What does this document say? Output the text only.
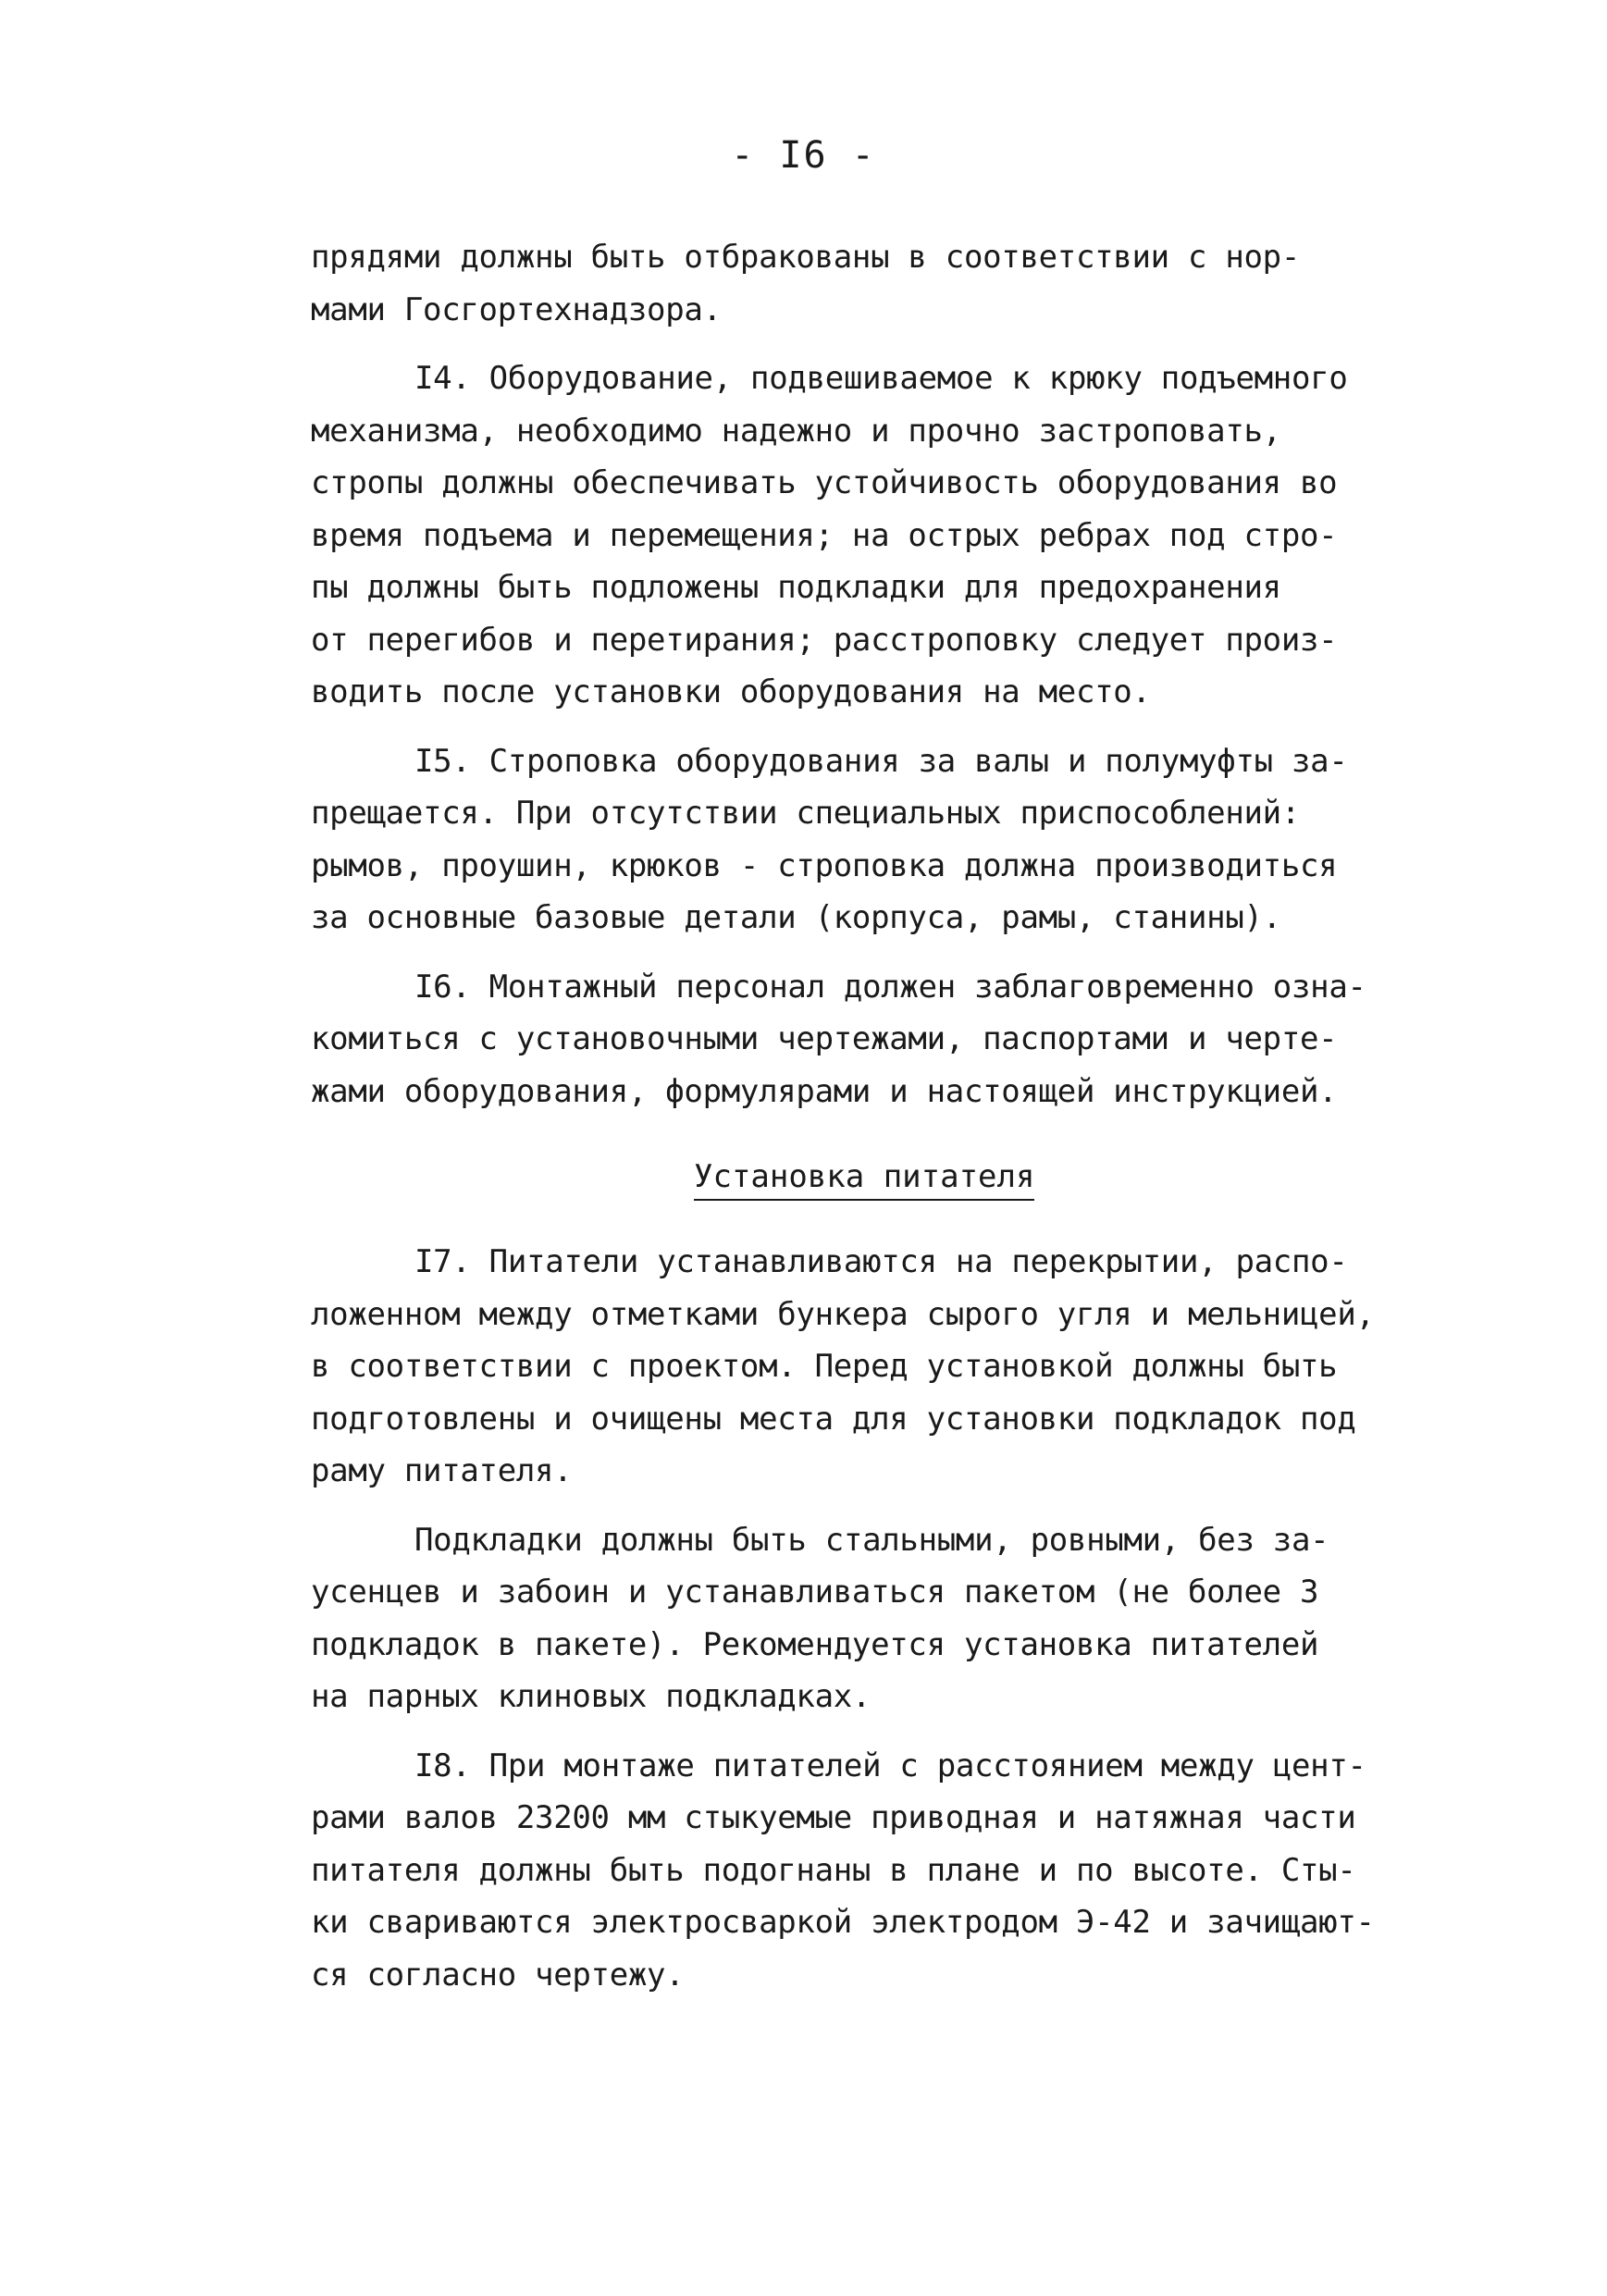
- I6 -
прядями должны быть отбракованы в соответствии с нор-
мами Госгортехнадзора.
I4. Оборудование, подвешиваемое к крюку подъемного
механизма, необходимо надежно и прочно застроповать,
стропы должны обеспечивать устойчивость оборудования во
время подъема и перемещения; на острых ребрах под стро-
пы должны быть подложены подкладки для предохранения
от перегибов и перетирания; расстроповку следует произ-
водить после установки оборудования на место.
I5. Строповка оборудования за валы и полумуфты за-
прещается. При отсутствии специальных приспособлений:
рымов, проушин, крюков - строповка должна производиться
за основные базовые детали (корпуса, рамы, станины).
I6. Монтажный персонал должен заблаговременно озна-
комиться с установочными чертежами, паспортами и черте-
жами оборудования, формулярами и настоящей инструкцией.
Установка питателя
I7. Питатели устанавливаются на перекрытии, распо-
ложенном между отметками бункера сырого угля и мельницей,
в соответствии с проектом. Перед установкой должны быть
подготовлены и очищены места для установки подкладок под
раму питателя.
Подкладки должны быть стальными, ровными, без за-
усенцев и забоин и устанавливаться пакетом (не более 3
подкладок в пакете). Рекомендуется установка питателей
на парных клиновых подкладках.
I8. При монтаже питателей с расстоянием между цент-
рами валов 23200 мм стыкуемые приводная и натяжная части
питателя должны быть подогнаны в плане и по высоте. Сты-
ки свариваются электросваркой электродом Э-42 и зачищают-
ся согласно чертежу.
